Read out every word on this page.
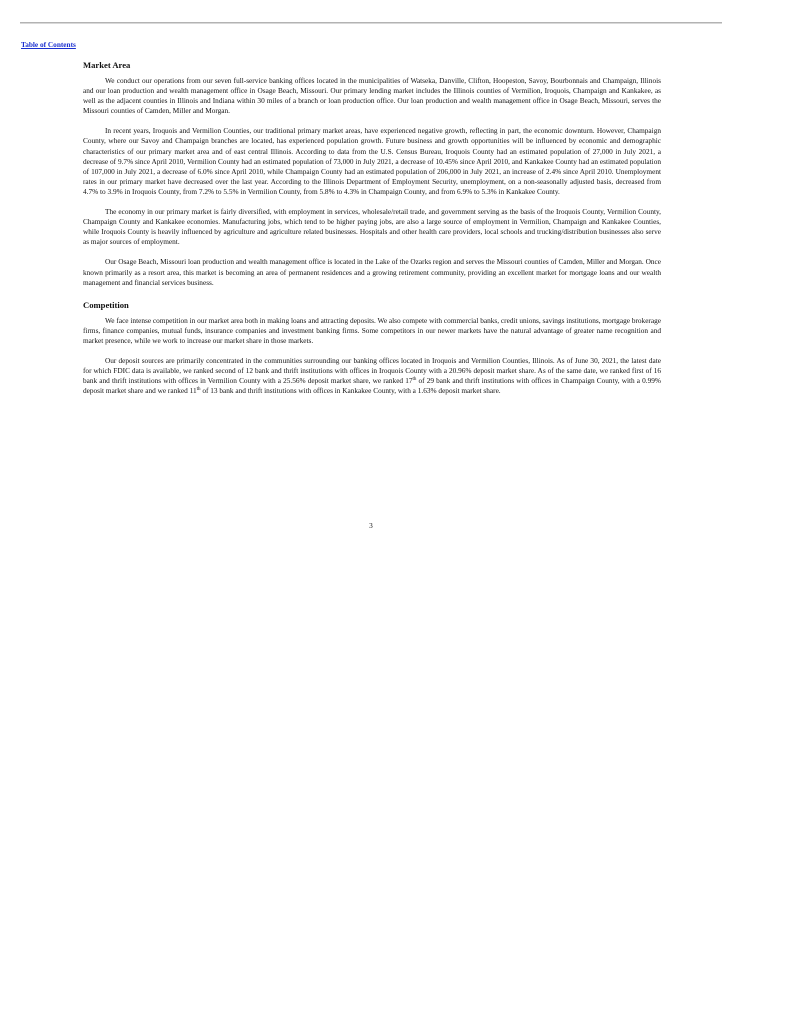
Table of Contents
Market Area

We conduct our operations from our seven full-service banking offices located in the municipalities of Watseka, Danville, Clifton, Hoopeston, Savoy, Bourbonnais and Champaign, Illinois and our loan production and wealth management office in Osage Beach, Missouri. Our primary lending market includes the Illinois counties of Vermilion, Iroquois, Champaign and Kankakee, as well as the adjacent counties in Illinois and Indiana within 30 miles of a branch or loan production office. Our loan production and wealth management office in Osage Beach, Missouri, serves the Missouri counties of Camden, Miller and Morgan.

In recent years, Iroquois and Vermilion Counties, our traditional primary market areas, have experienced negative growth, reflecting in part, the economic downturn. However, Champaign County, where our Savoy and Champaign branches are located, has experienced population growth. Future business and growth opportunities will be influenced by economic and demographic characteristics of our primary market area and of east central Illinois. According to data from the U.S. Census Bureau, Iroquois County had an estimated population of 27,000 in July 2021, a decrease of 9.7% since April 2010, Vermilion County had an estimated population of 73,000 in July 2021, a decrease of 10.45% since April 2010, and Kankakee County had an estimated population of 107,000 in July 2021, a decrease of 6.0% since April 2010, while Champaign County had an estimated population of 206,000 in July 2021, an increase of 2.4% since April 2010. Unemployment rates in our primary market have decreased over the last year. According to the Illinois Department of Employment Security, unemployment, on a non-seasonally adjusted basis, decreased from 4.7% to 3.9% in Iroquois County, from 7.2% to 5.5% in Vermilion County, from 5.8% to 4.3% in Champaign County, and from 6.9% to 5.3% in Kankakee County.

The economy in our primary market is fairly diversified, with employment in services, wholesale/retail trade, and government serving as the basis of the Iroquois County, Vermilion County, Champaign County and Kankakee economies. Manufacturing jobs, which tend to be higher paying jobs, are also a large source of employment in Vermilion, Champaign and Kankakee Counties, while Iroquois County is heavily influenced by agriculture and agriculture related businesses. Hospitals and other health care providers, local schools and trucking/distribution businesses also serve as major sources of employment.

Our Osage Beach, Missouri loan production and wealth management office is located in the Lake of the Ozarks region and serves the Missouri counties of Camden, Miller and Morgan. Once known primarily as a resort area, this market is becoming an area of permanent residences and a growing retirement community, providing an excellent market for mortgage loans and our wealth management and financial services business.

Competition

We face intense competition in our market area both in making loans and attracting deposits. We also compete with commercial banks, credit unions, savings institutions, mortgage brokerage firms, finance companies, mutual funds, insurance companies and investment banking firms. Some competitors in our newer markets have the natural advantage of greater name recognition and market presence, while we work to increase our market share in those markets.

Our deposit sources are primarily concentrated in the communities surrounding our banking offices located in Iroquois and Vermilion Counties, Illinois. As of June 30, 2021, the latest date for which FDIC data is available, we ranked second of 12 bank and thrift institutions with offices in Iroquois County with a 20.96% deposit market share. As of the same date, we ranked first of 16 bank and thrift institutions with offices in Vermilion County with a 25.56% deposit market share, we ranked 17th of 29 bank and thrift institutions with offices in Champaign County, with a 0.99% deposit market share and we ranked 11th of 13 bank and thrift institutions with offices in Kankakee County, with a 1.63% deposit market share.

3
